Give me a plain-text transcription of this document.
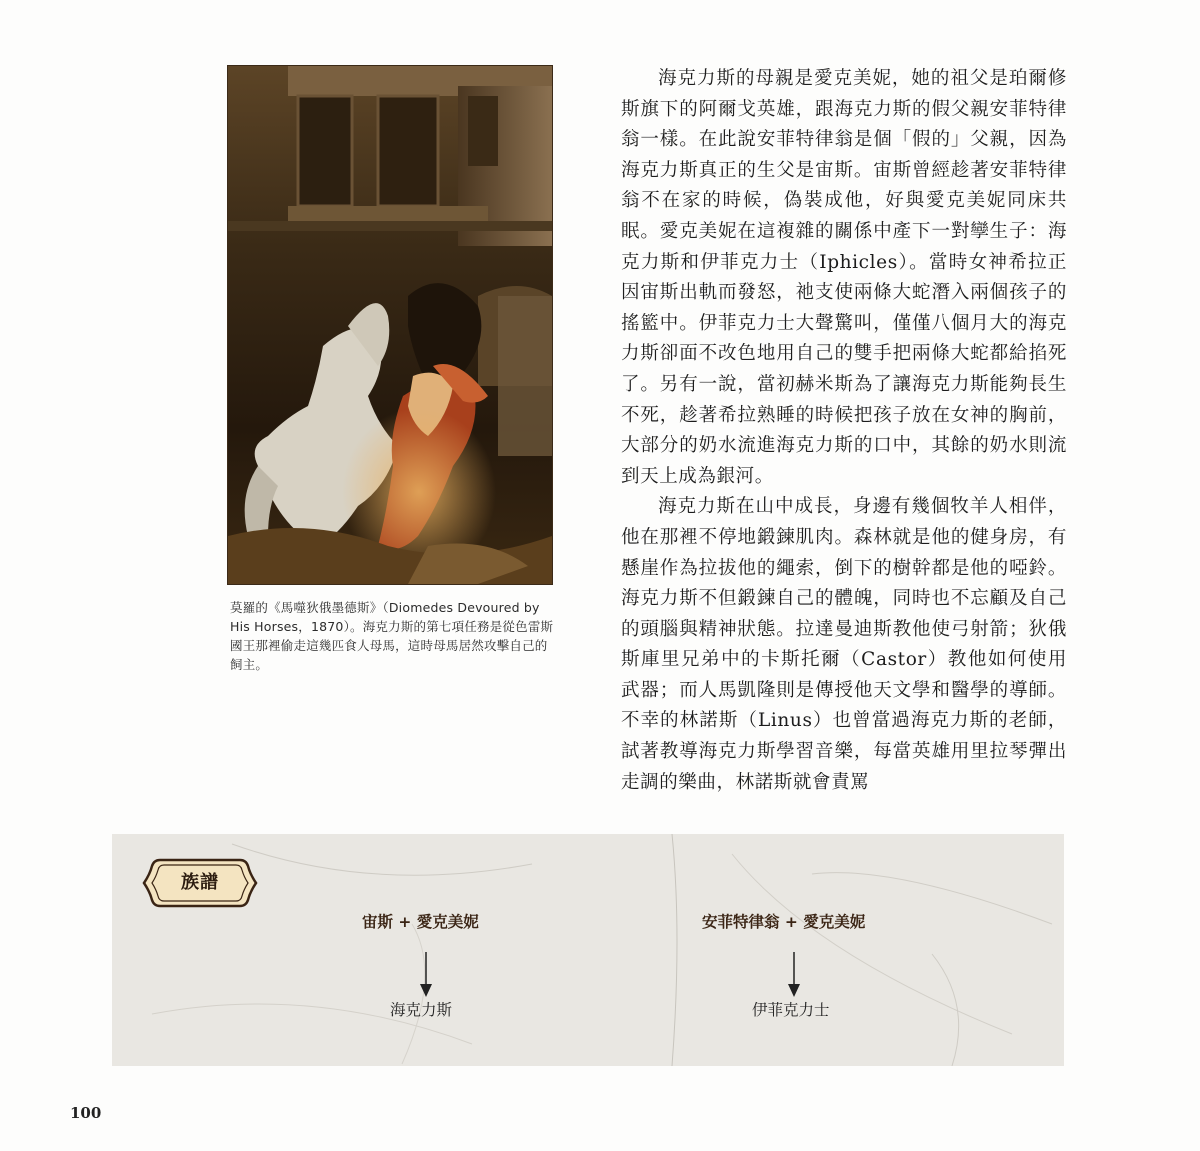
莫羅的《馬噬狄俄墨德斯》（Diomedes Devoured by His Horses，1870）。海克力斯的第七項任務是從色雷斯國王那裡偷走這幾匹食人母馬，這時母馬居然攻擊自己的飼主。

海克力斯的母親是愛克美妮，她的祖父是珀爾修斯旗下的阿爾戈英雄，跟海克力斯的假父親安菲特律翁一樣。在此說安菲特律翁是個「假的」父親，因為海克力斯真正的生父是宙斯。宙斯曾經趁著安菲特律翁不在家的時候，偽裝成他，好與愛克美妮同床共眠。愛克美妮在這複雜的關係中產下一對孿生子：海克力斯和伊菲克力士（Iphicles）。當時女神希拉正因宙斯出軌而發怒，祂支使兩條大蛇潛入兩個孩子的搖籃中。伊菲克力士大聲驚叫，僅僅八個月大的海克力斯卻面不改色地用自己的雙手把兩條大蛇都給掐死了。另有一說，當初赫米斯為了讓海克力斯能夠長生不死，趁著希拉熟睡的時候把孩子放在女神的胸前，大部分的奶水流進海克力斯的口中，其餘的奶水則流到天上成為銀河。

海克力斯在山中成長，身邊有幾個牧羊人相伴，他在那裡不停地鍛鍊肌肉。森林就是他的健身房，有懸崖作為拉拔他的繩索，倒下的樹幹都是他的啞鈴。海克力斯不但鍛鍊自己的體魄，同時也不忘顧及自己的頭腦與精神狀態。拉達曼迪斯教他使弓射箭；狄俄斯庫里兄弟中的卡斯托爾（Castor）教他如何使用武器；而人馬凱隆則是傳授他天文學和醫學的導師。不幸的林諾斯（Linus）也曾當過海克力斯的老師，試著教導海克力斯學習音樂，每當英雄用里拉琴彈出走調的樂曲，林諾斯就會責罵

族譜
宙斯 + 愛克美妮
海克力斯
安菲特律翁 + 愛克美妮
伊菲克力士
100
